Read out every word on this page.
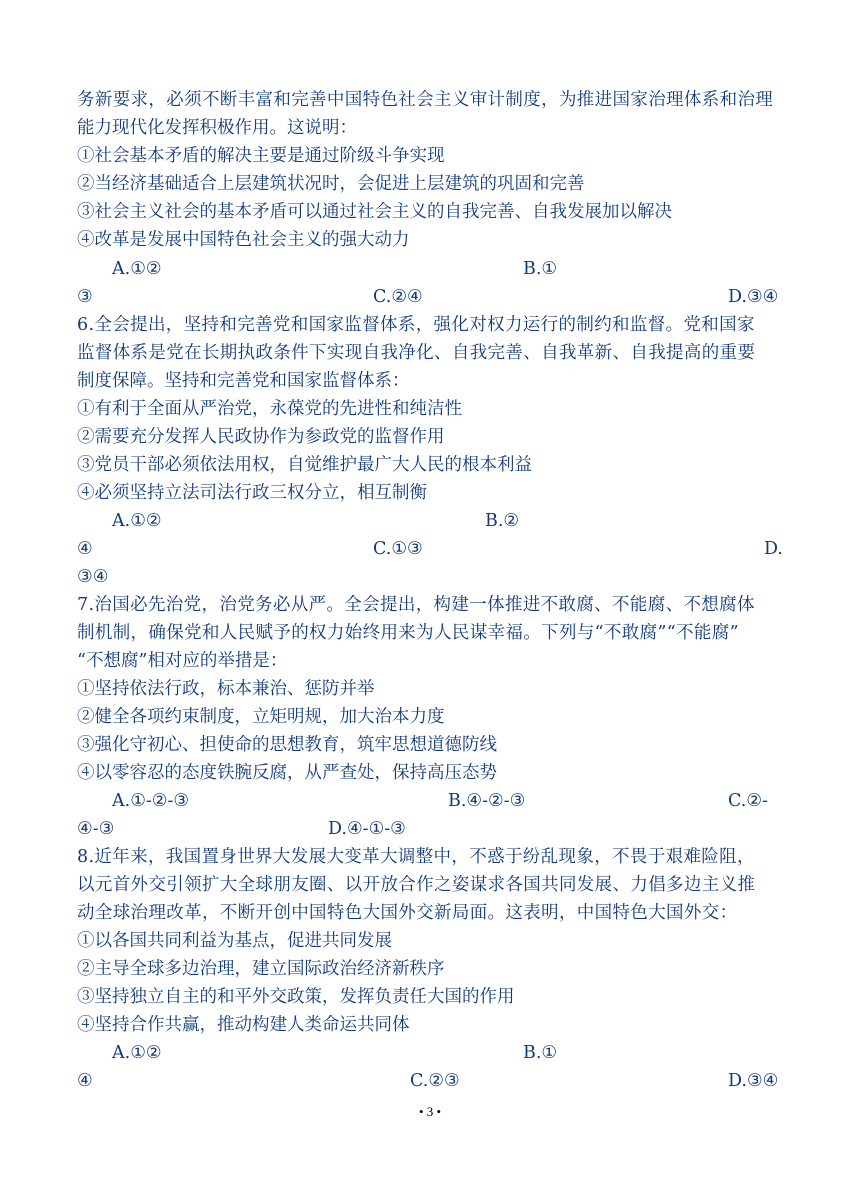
务新要求，必须不断丰富和完善中国特色社会主义审计制度，为推进国家治理体系和治理
能力现代化发挥积极作用。这说明：
①社会基本矛盾的解决主要是通过阶级斗争实现
②当经济基础适合上层建筑状况时，会促进上层建筑的巩固和完善
③社会主义社会的基本矛盾可以通过社会主义的自我完善、自我发展加以解决
④改革是发展中国特色社会主义的强大动力
A.①②	B.①
③	C.②④	D.③④
6.全会提出，坚持和完善党和国家监督体系，强化对权力运行的制约和监督。党和国家
监督体系是党在长期执政条件下实现自我净化、自我完善、自我革新、自我提高的重要
制度保障。坚持和完善党和国家监督体系：
①有利于全面从严治党，永葆党的先进性和纯洁性
②需要充分发挥人民政协作为参政党的监督作用
③党员干部必须依法用权，自觉维护最广大人民的根本利益
④必须坚持立法司法行政三权分立，相互制衡
A.①②	B.②
④	C.①③	D.
③④
7.治国必先治党，治党务必从严。全会提出，构建一体推进不敢腐、不能腐、不想腐体
制机制，确保党和人民赋予的权力始终用来为人民谋幸福。下列与“不敢腐”“不能腐”
“不想腐”相对应的举措是：
①坚持依法行政，标本兼治、惩防并举
②健全各项约束制度，立矩明规，加大治本力度
③强化守初心、担使命的思想教育，筑牢思想道德防线
④以零容忍的态度铁腕反腐，从严查处，保持高压态势
A.①-②-③	B.④-②-③	C.②-
④-③	D.④-①-③
8.近年来，我国置身世界大发展大变革大调整中，不惑于纷乱现象，不畏于艰难险阻，
以元首外交引领扩大全球朋友圈、以开放合作之姿谋求各国共同发展、力倡多边主义推
动全球治理改革，不断开创中国特色大国外交新局面。这表明，中国特色大国外交：
①以各国共同利益为基点，促进共同发展
②主导全球多边治理，建立国际政治经济新秩序
③坚持独立自主的和平外交政策，发挥负责任大国的作用
④坚持合作共赢，推动构建人类命运共同体
A.①②	B.①
④	C.②③	D.③④
• 3 •
